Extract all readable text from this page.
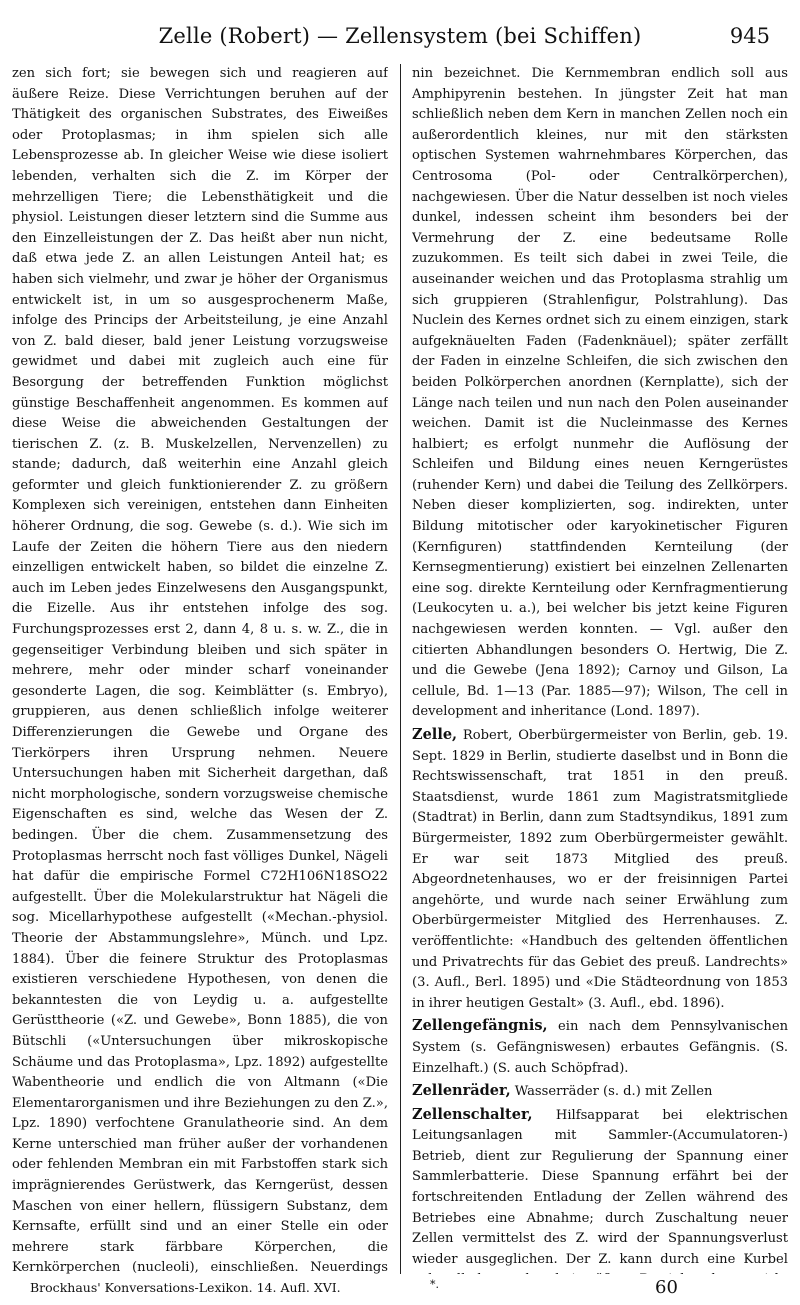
Zelle (Robert) — Zellensystem (bei Schiffen)	945

zen sich fort; sie bewegen sich und reagieren auf äußere Reize. Diese Verrichtungen beruhen auf der Thätigkeit des organischen Substrates, des Eiweißes oder Protoplasmas; in ihm spielen sich alle Lebensprozesse ab. In gleicher Weise wie diese isoliert lebenden, verhalten sich die Z. im Körper der mehrzelligen Tiere; die Lebensthätigkeit und die physiol. Leistungen dieser letztern sind die Summe aus den Einzelleistungen der Z. Das heißt aber nun nicht, daß etwa jede Z. an allen Leistungen Anteil hat; es haben sich vielmehr, und zwar je höher der Organismus entwickelt ist, in um so ausgesprochenerm Maße, infolge des Princips der Arbeitsteilung, je eine Anzahl von Z. bald dieser, bald jener Leistung vorzugsweise gewidmet und dabei mit zugleich auch eine für Besorgung der betreffenden Funktion möglichst günstige Beschaffenheit angenommen. Es kommen auf diese Weise die abweichenden Gestaltungen der tierischen Z. (z. B. Muskelzellen, Nervenzellen) zu stande; dadurch, daß weiterhin eine Anzahl gleich geformter und gleich funktionierender Z. zu größern Komplexen sich vereinigen, entstehen dann Einheiten höherer Ordnung, die sog. Gewebe (s. d.). Wie sich im Laufe der Zeiten die höhern Tiere aus den niedern einzelligen entwickelt haben, so bildet die einzelne Z. auch im Leben jedes Einzelwesens den Ausgangspunkt, die Eizelle. Aus ihr entstehen infolge des sog. Furchungsprozesses erst 2, dann 4, 8 u. s. w. Z., die in gegenseitiger Verbindung bleiben und sich später in mehrere, mehr oder minder scharf voneinander gesonderte Lagen, die sog. Keimblätter (s. Embryo), gruppieren, aus denen schließlich infolge weiterer Differenzierungen die Gewebe und Organe des Tierkörpers ihren Ursprung nehmen. Neuere Untersuchungen haben mit Sicherheit dargethan, daß nicht morphologische, sondern vorzugsweise chemische Eigenschaften es sind, welche das Wesen der Z. bedingen. Über die chem. Zusammensetzung des Protoplasmas herrscht noch fast völliges Dunkel, Nägeli hat dafür die empirische Formel C72H106N18SO22 aufgestellt. Über die Molekularstruktur hat Nägeli die sog. Micellarhypothese aufgestellt («Mechan.-physiol. Theorie der Abstammungslehre», Münch. und Lpz. 1884). Über die feinere Struktur des Protoplasmas existieren verschiedene Hypothesen, von denen die bekanntesten die von Leydig u. a. aufgestellte Gerüsttheorie («Z. und Gewebe», Bonn 1885), die von Bütschli («Untersuchungen über mikroskopische Schäume und das Protoplasma», Lpz. 1892) aufgestellte Wabentheorie und endlich die von Altmann («Die Elementarorganismen und ihre Beziehungen zu den Z.», Lpz. 1890) verfochtene Granulatheorie sind. An dem Kerne unterschied man früher außer der vorhandenen oder fehlenden Membran ein mit Farbstoffen stark sich imprägnierendes Gerüstwerk, das Kerngerüst, dessen Maschen von einer hellern, flüssigern Substanz, dem Kernsafte, erfüllt sind und an einer Stelle ein oder mehrere stark färbbare Körperchen, die Kernkörperchen (nucleoli), einschließen. Neuerdings

nin bezeichnet. Die Kernmembran endlich soll aus Amphipyrenin bestehen. In jüngster Zeit hat man schließlich neben dem Kern in manchen Zellen noch ein außerordentlich kleines, nur mit den stärksten optischen Systemen wahrnehmbares Körperchen, das Centrosoma (Pol- oder Centralkörperchen), nachgewiesen. Über die Natur desselben ist noch vieles dunkel, indessen scheint ihm besonders bei der Vermehrung der Z. eine bedeutsame Rolle zuzukommen. Es teilt sich dabei in zwei Teile, die auseinander weichen und das Protoplasma strahlig um sich gruppieren (Strahlenfigur, Polstrahlung). Das Nuclein des Kernes ordnet sich zu einem einzigen, stark aufgeknäuelten Faden (Fadenknäuel); später zerfällt der Faden in einzelne Schleifen, die sich zwischen den beiden Polkörperchen anordnen (Kernplatte), sich der Länge nach teilen und nun nach den Polen auseinander weichen. Damit ist die Nucleinmasse des Kernes halbiert; es erfolgt nunmehr die Auflösung der Schleifen und Bildung eines neuen Kerngerüstes (ruhender Kern) und dabei die Teilung des Zellkörpers. Neben dieser komplizierten, sog. indirekten, unter Bildung mitotischer oder karyokinetischer Figuren (Kernfiguren) stattfindenden Kernteilung (der Kernsegmentierung) existiert bei einzelnen Zellenarten eine sog. direkte Kernteilung oder Kernfragmentierung (Leukocyten u. a.), bei welcher bis jetzt keine Figuren nachgewiesen werden konnten. — Vgl. außer den citierten Abhandlungen besonders O. Hertwig, Die Z. und die Gewebe (Jena 1892); Carnoy und Gilson, La cellule, Bd. 1—13 (Par. 1885—97); Wilson, The cell in development and inheritance (Lond. 1897).

Zelle, Robert, Oberbürgermeister von Berlin, geb. 19. Sept. 1829 in Berlin, studierte daselbst und in Bonn die Rechtswissenschaft, trat 1851 in den preuß. Staatsdienst, wurde 1861 zum Magistratsmitgliede (Stadtrat) in Berlin, dann zum Stadtsyndikus, 1891 zum Bürgermeister, 1892 zum Oberbürgermeister gewählt. Er war seit 1873 Mitglied des preuß. Abgeordnetenhauses, wo er der freisinnigen Partei angehörte, und wurde nach seiner Erwählung zum Oberbürgermeister Mitglied des Herrenhauses. Z. veröffentlichte: «Handbuch des geltenden öffentlichen und Privatrechts für das Gebiet des preuß. Landrechts» (3. Aufl., Berl. 1895) und «Die Städteordnung von 1853 in ihrer heutigen Gestalt» (3. Aufl., ebd. 1896).

Zellengefängnis, ein nach dem Pennsylvanischen System (s. Gefängniswesen) erbautes Gefängnis. (S. Einzelhaft.) (S. auch Schöpfrad).

Zellenräder, Wasserräder (s. d.) mit Zellen

Zellenschalter, Hilfsapparat bei elektrischen Leitungsanlagen mit Sammler-(Accumulatoren-) Betrieb, dient zur Regulierung der Spannung einer Sammlerbatterie. Diese Spannung erfährt bei der fortschreitenden Entladung der Zellen während des Betriebes eine Abnahme; durch Zuschaltung neuer Zellen vermittelst des Z. wird der Spannungsverlust wieder ausgeglichen. Der Z. kann durch eine Kurbel

Brockhaus' Konversations-Lexikon. 14. Aufl. XVI.	*.	60
